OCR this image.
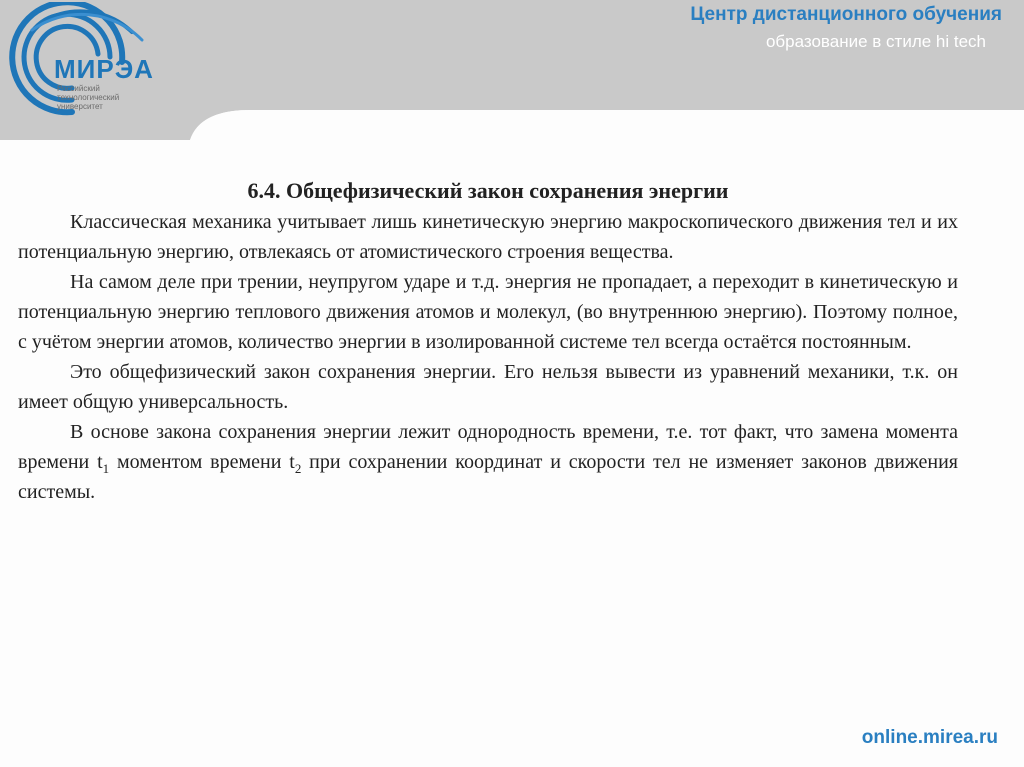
МИРЭА
Российский технологический университет
Центр дистанционного обучения
образование в стиле hi tech

6.4. Общефизический закон сохранения энергии

Классическая механика учитывает лишь кинетическую энергию макроскопического движения тел и их потенциальную энергию, отвлекаясь от атомистического строения вещества.

На самом деле при трении, неупругом ударе и т.д. энергия не пропадает, а переходит в кинетическую и потенциальную энергию теплового движения атомов и молекул, (во внутреннюю энергию). Поэтому полное, с учётом энергии атомов, количество энергии в изолированной системе тел всегда остаётся постоянным.

Это общефизический закон сохранения энергии. Его нельзя вывести из уравнений механики, т.к. он имеет общую универсальность.

В основе закона сохранения энергии лежит однородность времени, т.е. тот факт, что замена момента времени $t_1$ моментом времени $t_2$ при сохранении координат и скорости тел не изменяет законов движения системы.

online.mirea.ru
